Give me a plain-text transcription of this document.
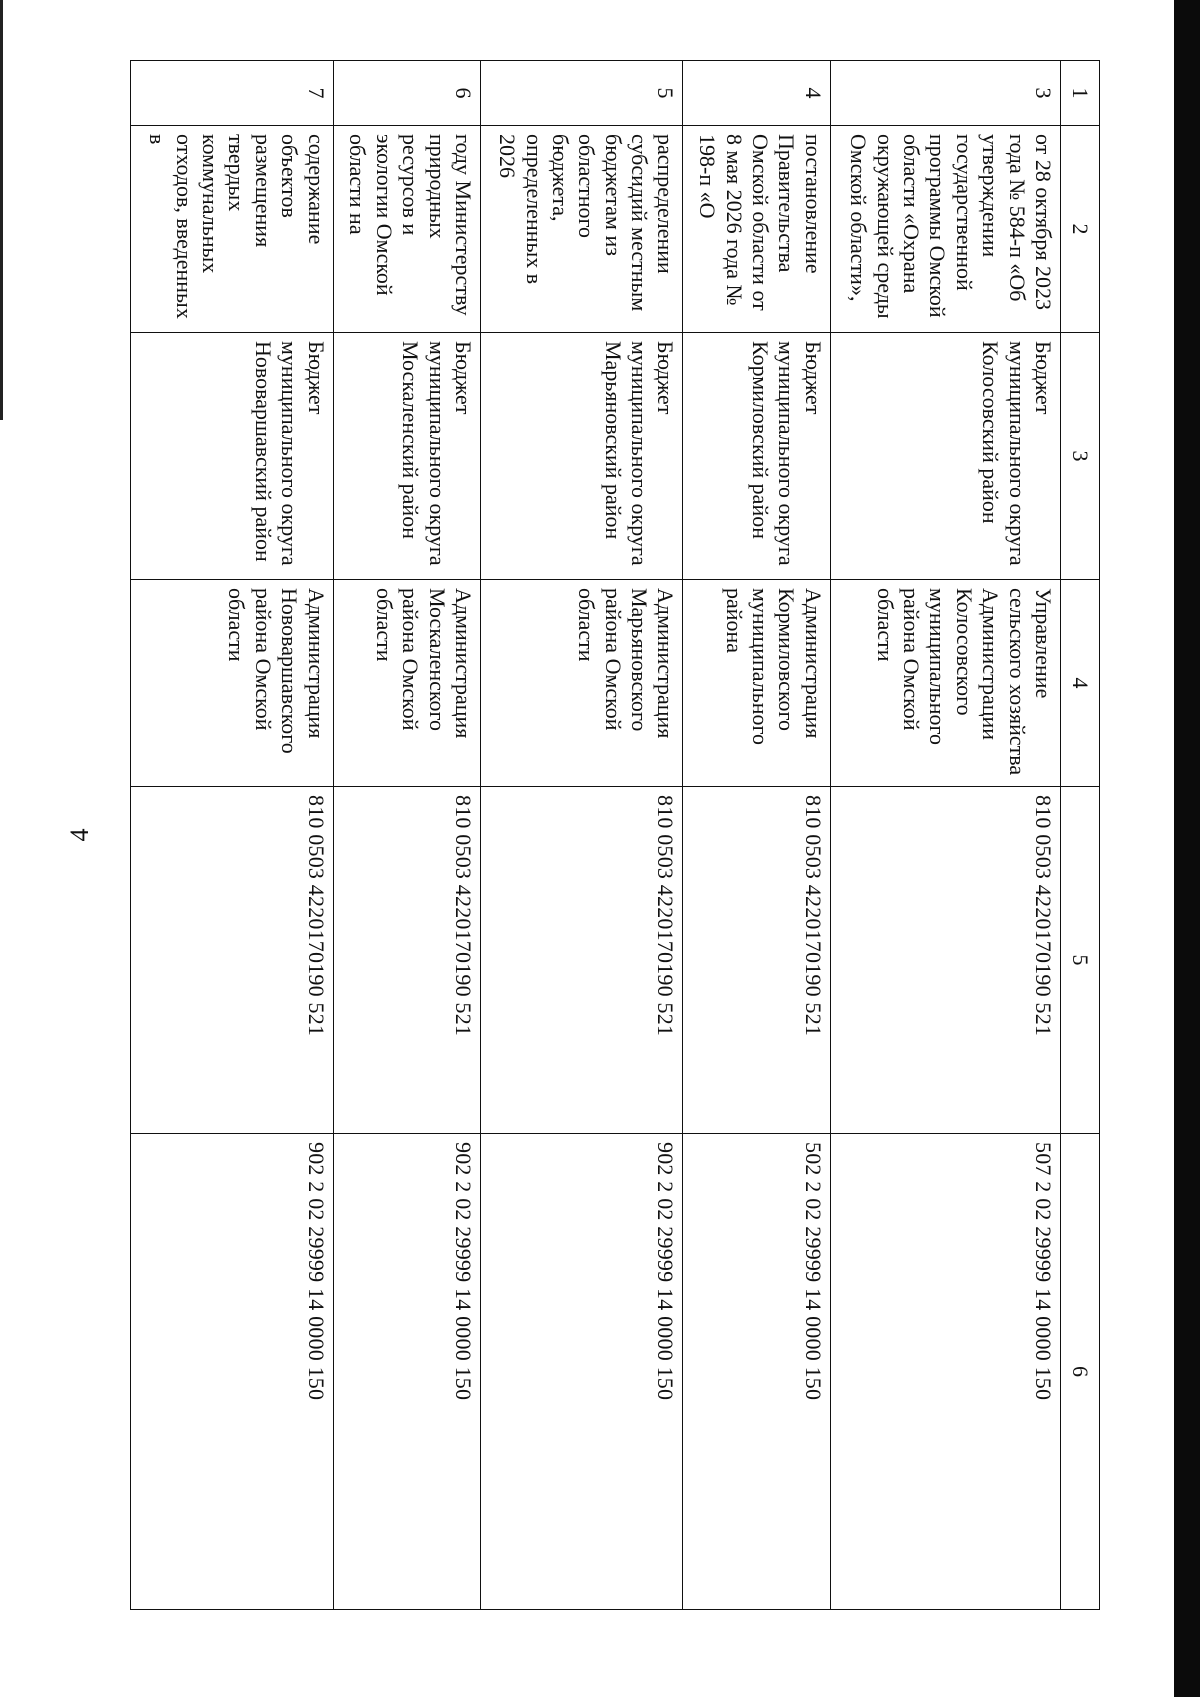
4
1	2	3	4	5	6
3	от 28 октября 2023 года № 584-п «Об утверждении государственной программы Омской области «Охрана окружающей среды Омской области»,	Бюджет муниципального округа Колосовский район	Управление сельского хозяйства Администрации Колосовского муниципального района Омской области	810 0503 4220170190 521	507 2 02 29999 14 0000 150
4	постановление Правительства Омской области от 8 мая 2026 года № 198-п «О	Бюджет муниципального округа Кормиловский район	Администрация Кормиловского муниципального района	810 0503 4220170190 521	502 2 02 29999 14 0000 150
5	распределении субсидий местным бюджетам из областного бюджета, определенных в 2026	Бюджет муниципального округа Марьяновский район	Администрация Марьяновского района Омской области	810 0503 4220170190 521	902 2 02 29999 14 0000 150
6	году Министерству природных ресурсов и экологии Омской области на	Бюджет муниципального округа Москаленский район	Администрация Москаленского района Омской области	810 0503 4220170190 521	902 2 02 29999 14 0000 150
7	содержание объектов размещения твердых коммунальных отходов, введенных в	Бюджет муниципального округа Нововаршавский район	Администрация Нововаршавского района Омской области	810 0503 4220170190 521	902 2 02 29999 14 0000 150
